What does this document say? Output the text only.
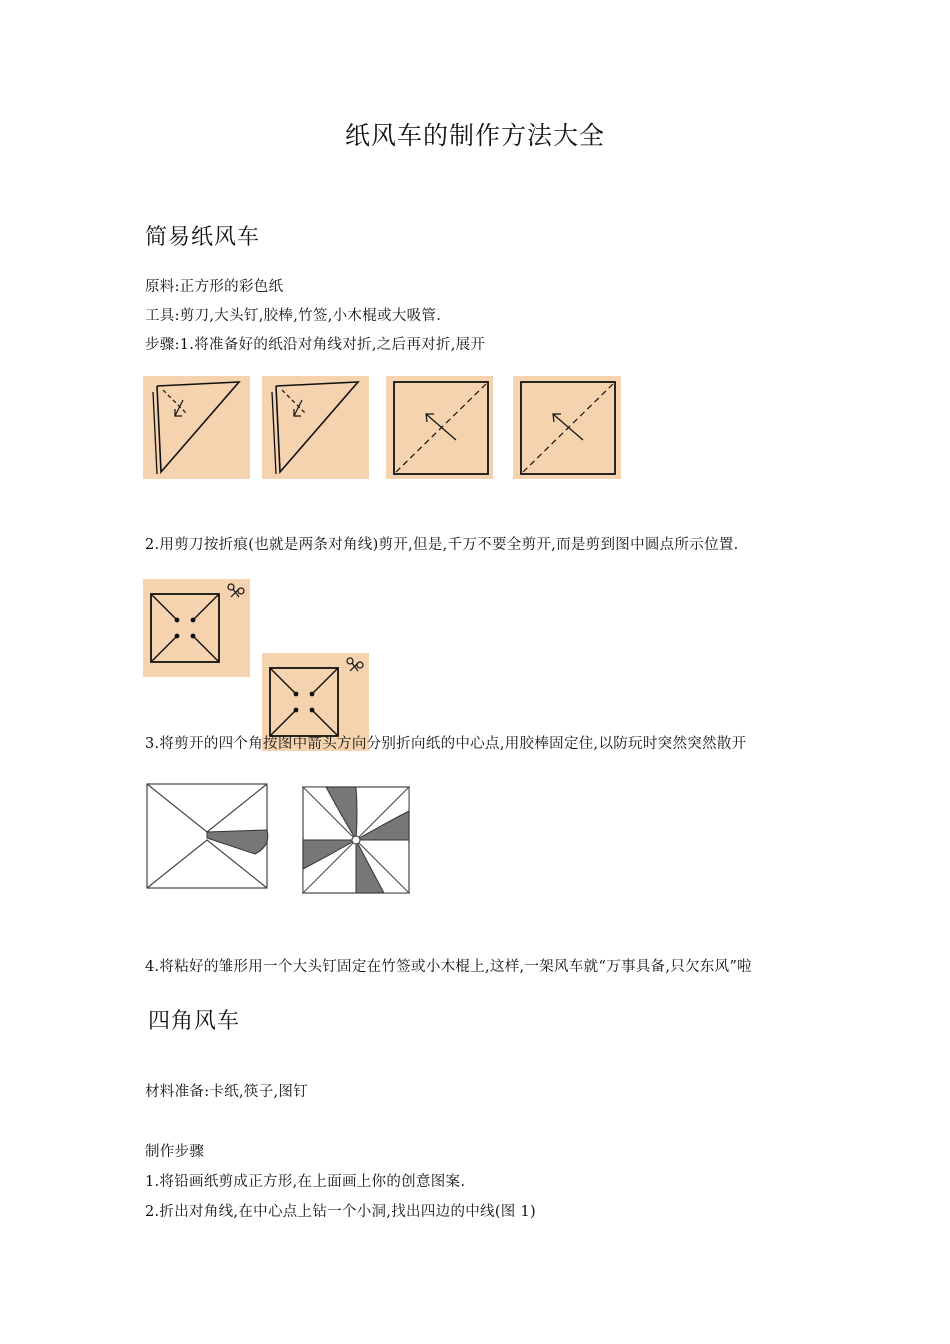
纸风车的制作方法大全
简易纸风车
原料:正方形的彩色纸
工具:剪刀,大头钉,胶棒,竹签,小木棍或大吸管.
步骤:1.将准备好的纸沿对角线对折,之后再对折,展开
2.用剪刀按折痕(也就是两条对角线)剪开,但是,千万不要全剪开,而是剪到图中圆点所示位置.
3.将剪开的四个角按图中箭头方向分别折向纸的中心点,用胶棒固定住,以防玩时突然突然散开
4.将粘好的雏形用一个大头钉固定在竹签或小木棍上,这样,一架风车就“万事具备,只欠东风”啦
四角风车
材料准备:卡纸,筷子,图钉
制作步骤
1.将铅画纸剪成正方形,在上面画上你的创意图案.
2.折出对角线,在中心点上钻一个小洞,找出四边的中线(图 1)
